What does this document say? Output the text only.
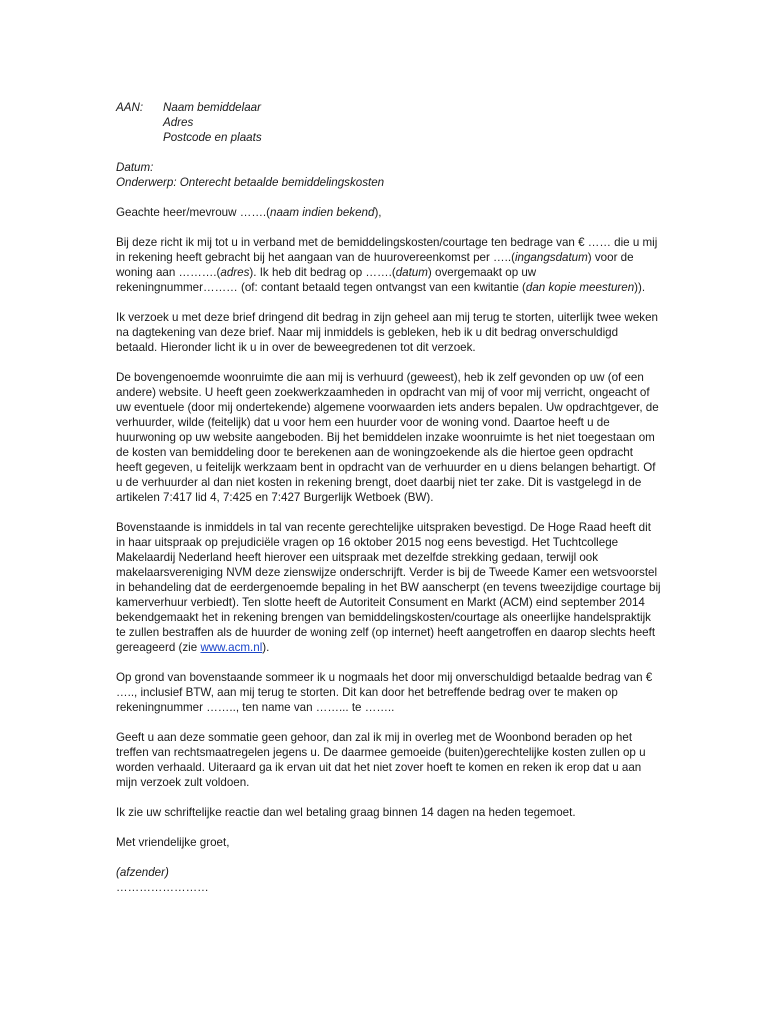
AAN:	Naam bemiddelaar
Adres
Postcode en plaats
Datum:
Onderwerp: Onterecht betaalde bemiddelingskosten

Geachte heer/mevrouw …….(naam indien bekend),

Bij deze richt ik mij tot u in verband met de bemiddelingskosten/courtage ten bedrage van € …… die u mij in rekening heeft gebracht bij het aangaan van de huurovereenkomst per …..(ingangsdatum) voor de woning aan ……….(adres). Ik heb dit bedrag op …….(datum) overgemaakt op uw rekeningnummer……… (of: contant betaald tegen ontvangst van een kwitantie (dan kopie meesturen)).

Ik verzoek u met deze brief dringend dit bedrag in zijn geheel aan mij terug te storten, uiterlijk twee weken na dagtekening van deze brief. Naar mij inmiddels is gebleken, heb ik u dit bedrag onverschuldigd betaald. Hieronder licht ik u in over de beweegredenen tot dit verzoek.

De bovengenoemde woonruimte die aan mij is verhuurd (geweest), heb ik zelf gevonden op uw (of een andere) website. U heeft geen zoekwerkzaamheden in opdracht van mij of voor mij verricht, ongeacht of uw eventuele (door mij ondertekende) algemene voorwaarden iets anders bepalen. Uw opdrachtgever, de verhuurder, wilde (feitelijk) dat u voor hem een huurder voor de woning vond. Daartoe heeft u de huurwoning op uw website aangeboden. Bij het bemiddelen inzake woonruimte is het niet toegestaan om de kosten van bemiddeling door te berekenen aan de woningzoekende als die hiertoe geen opdracht heeft gegeven, u feitelijk werkzaam bent in opdracht van de verhuurder en u diens belangen behartigt. Of u de verhuurder al dan niet kosten in rekening brengt, doet daarbij niet ter zake. Dit is vastgelegd in de artikelen 7:417 lid 4, 7:425 en 7:427 Burgerlijk Wetboek (BW).

Bovenstaande is inmiddels in tal van recente gerechtelijke uitspraken bevestigd. De Hoge Raad heeft dit in haar uitspraak op prejudiciële vragen op 16 oktober 2015 nog eens bevestigd. Het Tuchtcollege Makelaardij Nederland heeft hierover een uitspraak met dezelfde strekking gedaan, terwijl ook makelaarsvereniging NVM deze zienswijze onderschrijft. Verder is bij de Tweede Kamer een wetsvoorstel in behandeling dat de eerdergenoemde bepaling in het BW aanscherpt (en tevens tweezijdige courtage bij kamerverhuur verbiedt). Ten slotte heeft de Autoriteit Consument en Markt (ACM) eind september 2014 bekendgemaakt het in rekening brengen van bemiddelingskosten/courtage als oneerlijke handelspraktijk te zullen bestraffen als de huurder de woning zelf (op internet) heeft aangetroffen en daarop slechts heeft gereageerd (zie www.acm.nl).

Op grond van bovenstaande sommeer ik u nogmaals het door mij onverschuldigd betaalde bedrag van € ….., inclusief BTW, aan mij terug te storten. Dit kan door het betreffende bedrag over te maken op rekeningnummer …….., ten name van ……... te ……..

Geeft u aan deze sommatie geen gehoor, dan zal ik mij in overleg met de Woonbond beraden op het treffen van rechtsmaatregelen jegens u. De daarmee gemoeide (buiten)gerechtelijke kosten zullen op u worden verhaald. Uiteraard ga ik ervan uit dat het niet zover hoeft te komen en reken ik erop dat u aan mijn verzoek zult voldoen.

Ik zie uw schriftelijke reactie dan wel betaling graag binnen 14 dagen na heden tegemoet.

Met vriendelijke groet,

(afzender)
……………………
